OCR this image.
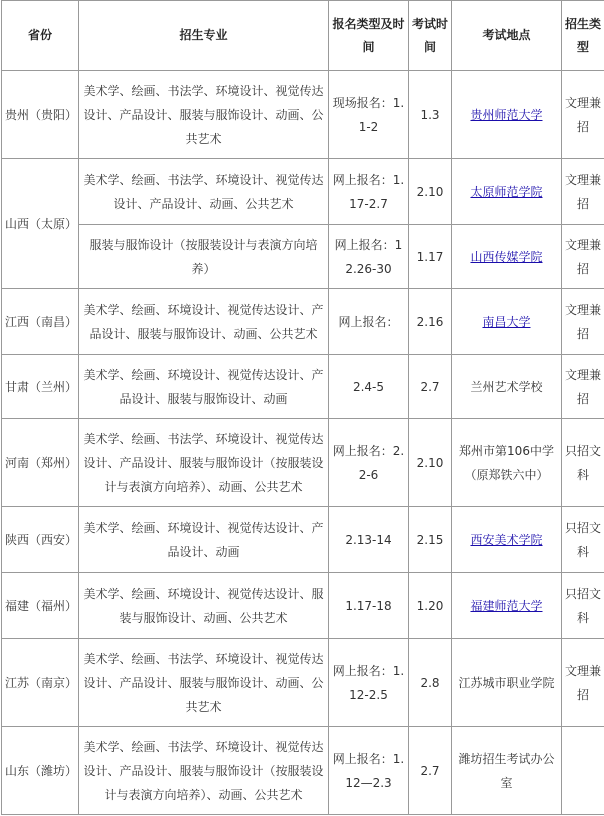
省份	招生专业	报名类型及时间	考试时间	考试地点	招生类型
贵州（贵阳）	美术学、绘画、书法学、环境设计、视觉传达设计、产品设计、服装与服饰设计、动画、公共艺术	现场报名：1.1-2	1.3	贵州师范大学	文理兼招
山西（太原）	美术学、绘画、书法学、环境设计、视觉传达设计、产品设计、动画、公共艺术	网上报名：1.17-2.7	2.10	太原师范学院	文理兼招
	服装与服饰设计（按服装设计与表演方向培养）	网上报名：12.26-30	1.17	山西传媒学院	文理兼招
江西（南昌）	美术学、绘画、环境设计、视觉传达设计、产品设计、服装与服饰设计、动画、公共艺术	网上报名：	2.16	南昌大学	文理兼招
甘肃（兰州）	美术学、绘画、环境设计、视觉传达设计、产品设计、服装与服饰设计、动画	2.4-5	2.7	兰州艺术学校	文理兼招
河南（郑州）	美术学、绘画、书法学、环境设计、视觉传达设计、产品设计、服装与服饰设计（按服装设计与表演方向培养）、动画、公共艺术	网上报名：2.2-6	2.10	郑州市第106中学（原郑铁六中）	只招文科
陕西（西安）	美术学、绘画、环境设计、视觉传达设计、产品设计、动画	2.13-14	2.15	西安美术学院	只招文科
福建（福州）	美术学、绘画、环境设计、视觉传达设计、服装与服饰设计、动画、公共艺术	1.17-18	1.20	福建师范大学	只招文科
江苏（南京）	美术学、绘画、书法学、环境设计、视觉传达设计、产品设计、服装与服饰设计、动画、公共艺术	网上报名：1.12-2.5	2.8	江苏城市职业学院	文理兼招
山东（潍坊）	美术学、绘画、书法学、环境设计、视觉传达设计、产品设计、服装与服饰设计（按服装设计与表演方向培养）、动画、公共艺术	网上报名：1.12—2.3	2.7	潍坊招生考试办公室	
